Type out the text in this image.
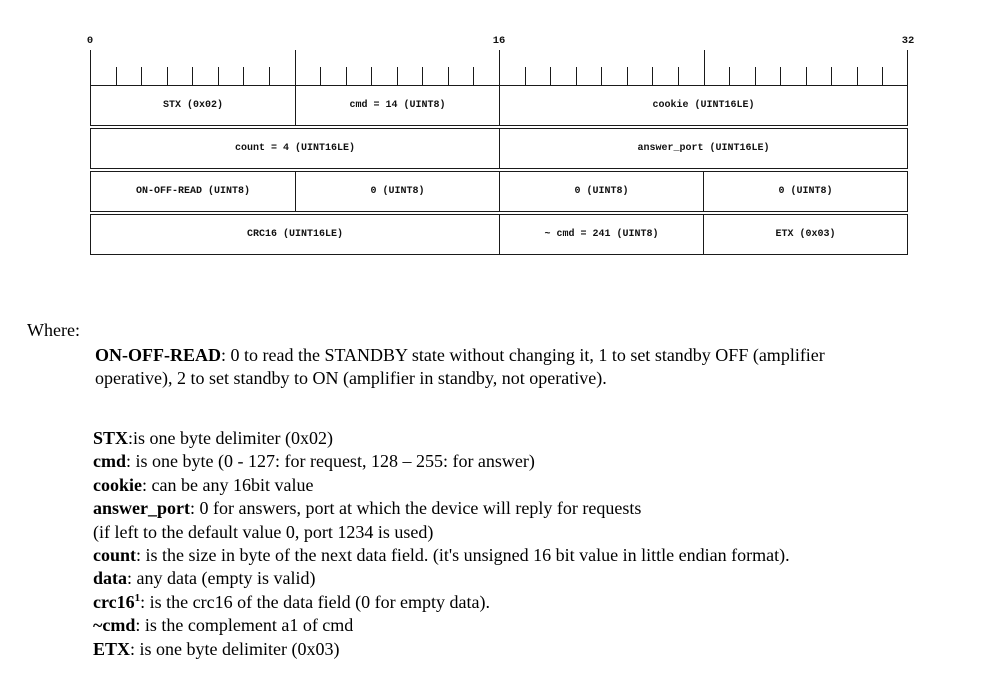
0	16	32
STX (0x02)	cmd = 14 (UINT8)	cookie (UINT16LE)
count = 4 (UINT16LE)	answer_port (UINT16LE)
ON-OFF-READ (UINT8)	0 (UINT8)	0 (UINT8)	0 (UINT8)
CRC16 (UINT16LE)	~ cmd = 241 (UINT8)	ETX (0x03)
Where:
ON-OFF-READ: 0 to read the STANDBY state without changing it, 1 to set standby OFF (amplifier operative), 2 to set standby to ON (amplifier in standby, not operative).
STX:is one byte delimiter (0x02)
cmd: is one byte (0 - 127: for request, 128 – 255: for answer)
cookie: can be any 16bit value
answer_port: 0 for answers, port at which the device will reply for requests
(if left to the default value 0, port 1234 is used)
count: is the size in byte of the next data field. (it's unsigned 16 bit value in little endian format).
data: any data (empty is valid)
$crc16^1$: is the crc16 of the data field (0 for empty data).
~cmd: is the complement a1 of cmd
ETX: is one byte delimiter (0x03)
